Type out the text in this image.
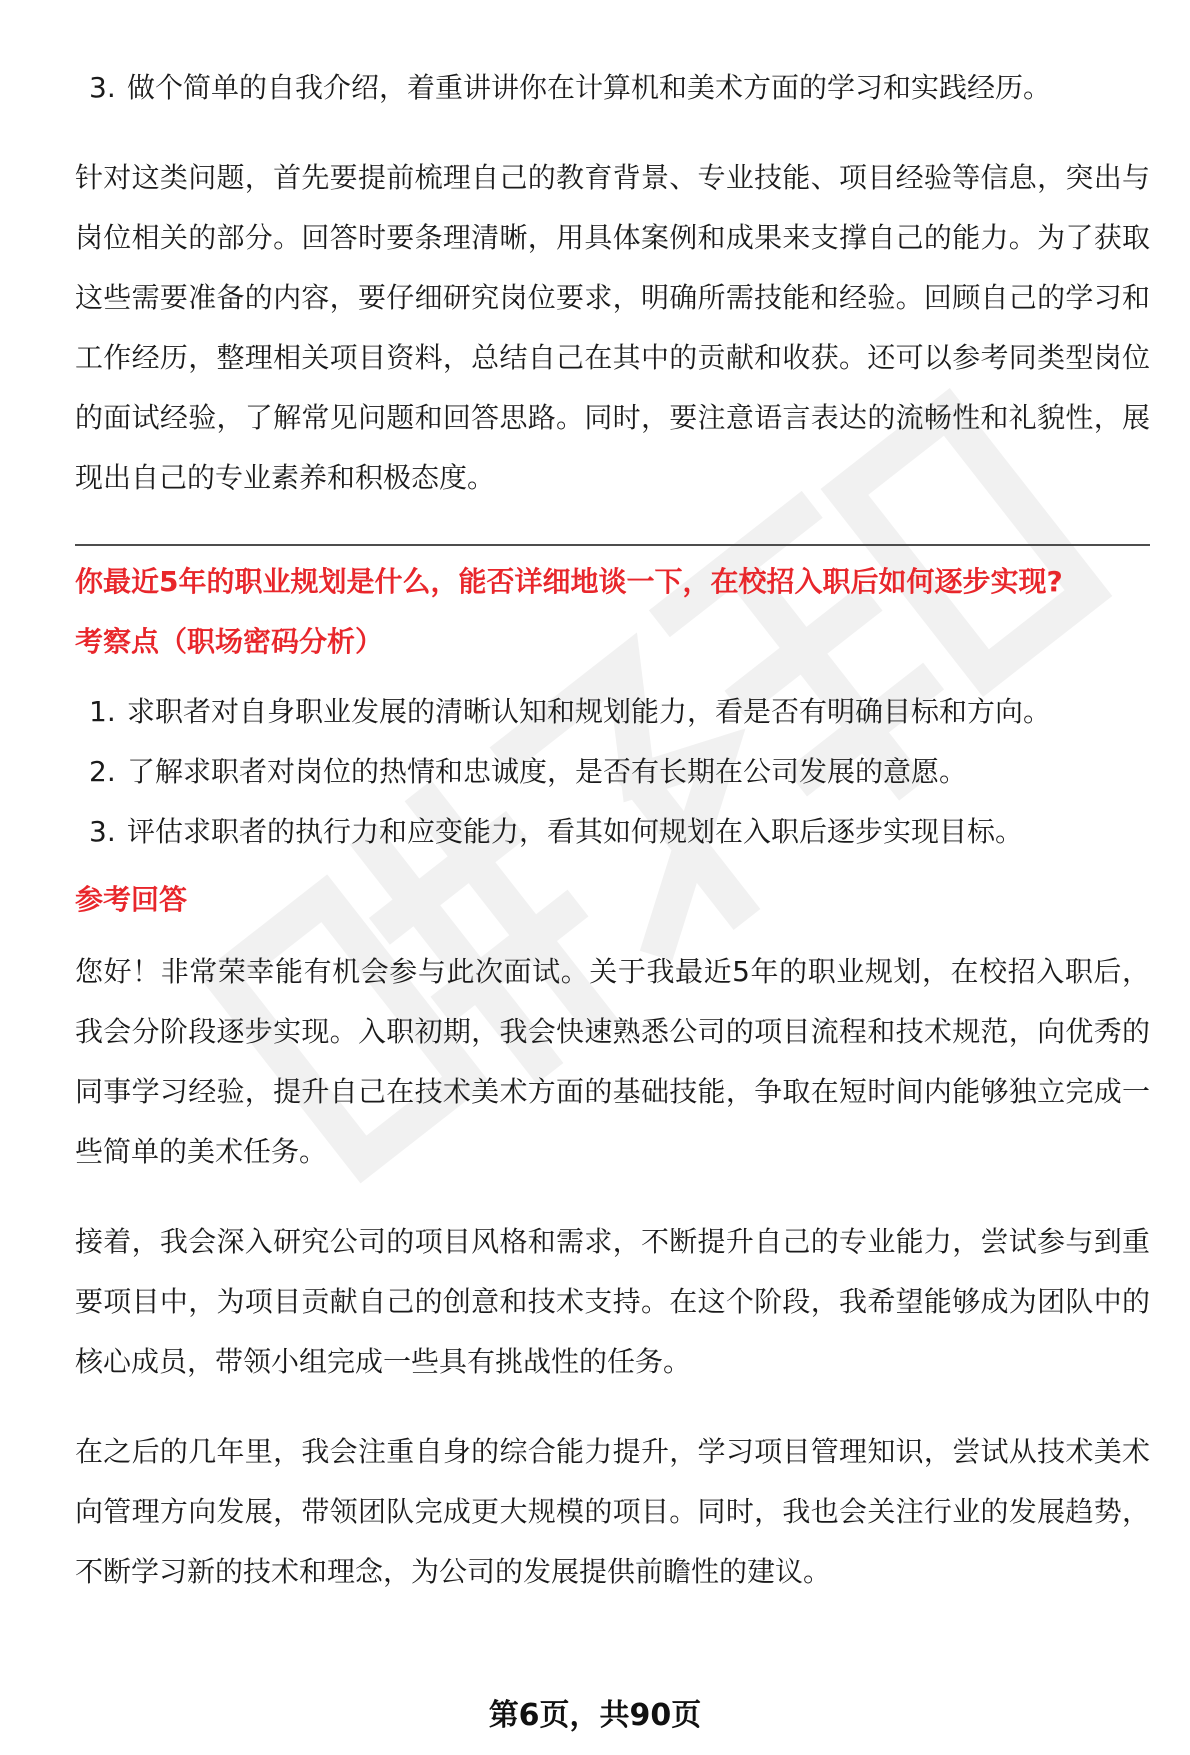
3. 做个简单的自我介绍，着重讲讲你在计算机和美术方面的学习和实践经历。

针对这类问题，首先要提前梳理自己的教育背景、专业技能、项目经验等信息，突出与岗位相关的部分。回答时要条理清晰，用具体案例和成果来支撑自己的能力。为了获取这些需要准备的内容，要仔细研究岗位要求，明确所需技能和经验。回顾自己的学习和工作经历，整理相关项目资料，总结自己在其中的贡献和收获。还可以参考同类型岗位的面试经验，了解常见问题和回答思路。同时，要注意语言表达的流畅性和礼貌性，展现出自己的专业素养和积极态度。

你最近5年的职业规划是什么，能否详细地谈一下，在校招入职后如何逐步实现?

考察点（职场密码分析）

1. 求职者对自身职业发展的清晰认知和规划能力，看是否有明确目标和方向。
2. 了解求职者对岗位的热情和忠诚度，是否有长期在公司发展的意愿。
3. 评估求职者的执行力和应变能力，看其如何规划在入职后逐步实现目标。

参考回答

您好！非常荣幸能有机会参与此次面试。关于我最近5年的职业规划，在校招入职后，我会分阶段逐步实现。入职初期，我会快速熟悉公司的项目流程和技术规范，向优秀的同事学习经验，提升自己在技术美术方面的基础技能，争取在短时间内能够独立完成一些简单的美术任务。

接着，我会深入研究公司的项目风格和需求，不断提升自己的专业能力，尝试参与到重要项目中，为项目贡献自己的创意和技术支持。在这个阶段，我希望能够成为团队中的核心成员，带领小组完成一些具有挑战性的任务。

在之后的几年里，我会注重自身的综合能力提升，学习项目管理知识，尝试从技术美术向管理方向发展，带领团队完成更大规模的项目。同时，我也会关注行业的发展趋势，不断学习新的技术和理念，为公司的发展提供前瞻性的建议。

第6页，共90页
